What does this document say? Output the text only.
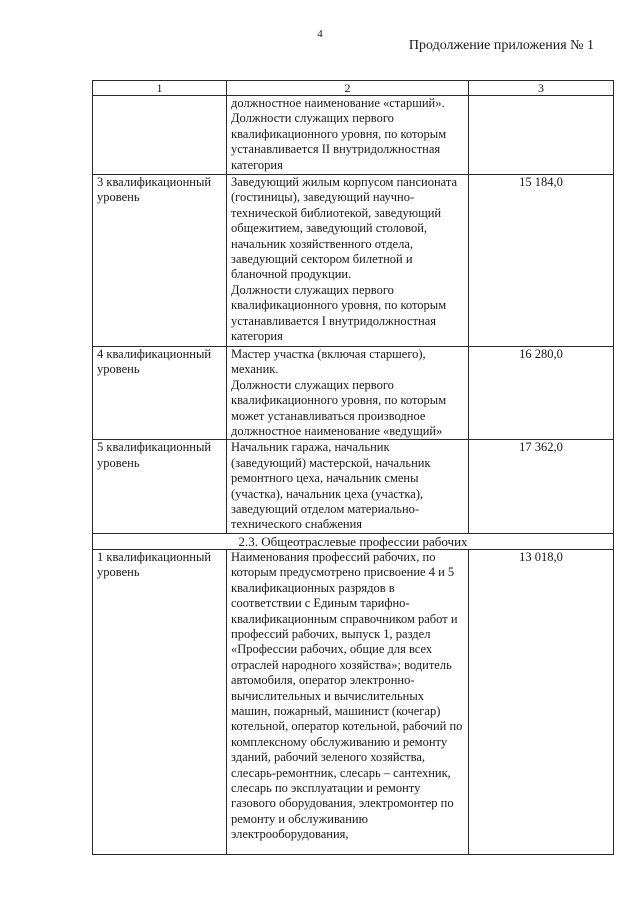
4
Продолжение приложения № 1
1	2	3
	должностное наименование «старший».
Должности служащих первого квалификационного уровня, по которым устанавливается II внутридолжностная категория	
3 квалификационный уровень	Заведующий жилым корпусом пансионата (гостиницы), заведующий научно-технической библиотекой, заведующий общежитием, заведующий столовой, начальник хозяйственного отдела, заведующий сектором билетной и бланочной продукции.
Должности служащих первого квалификационного уровня, по которым устанавливается I внутридолжностная категория	15 184,0
4 квалификационный уровень	Мастер участка (включая старшего), механик.
Должности служащих первого квалификационного уровня, по которым может устанавливаться производное должностное наименование «ведущий»	16 280,0
5 квалификационный уровень	Начальник гаража, начальник (заведующий) мастерской, начальник ремонтного цеха, начальник смены (участка), начальник цеха (участка), заведующий отделом материально-технического снабжения	17 362,0
2.3. Общеотраслевые профессии рабочих		
1 квалификационный уровень	Наименования профессий рабочих, по которым предусмотрено присвоение 4 и 5 квалификационных разрядов в соответствии с Единым тарифно-квалификационным справочником работ и профессий рабочих, выпуск 1, раздел «Профессии рабочих, общие для всех отраслей народного хозяйства»; водитель автомобиля, оператор электронно-вычислительных и вычислительных машин, пожарный, машинист (кочегар) котельной, оператор котельной, рабочий по комплексному обслуживанию и ремонту зданий, рабочий зеленого хозяйства, слесарь-ремонтник, слесарь – сантехник, слесарь по эксплуатации и ремонту газового оборудования, электромонтер по ремонту и обслуживанию электрооборудования,	13 018,0
